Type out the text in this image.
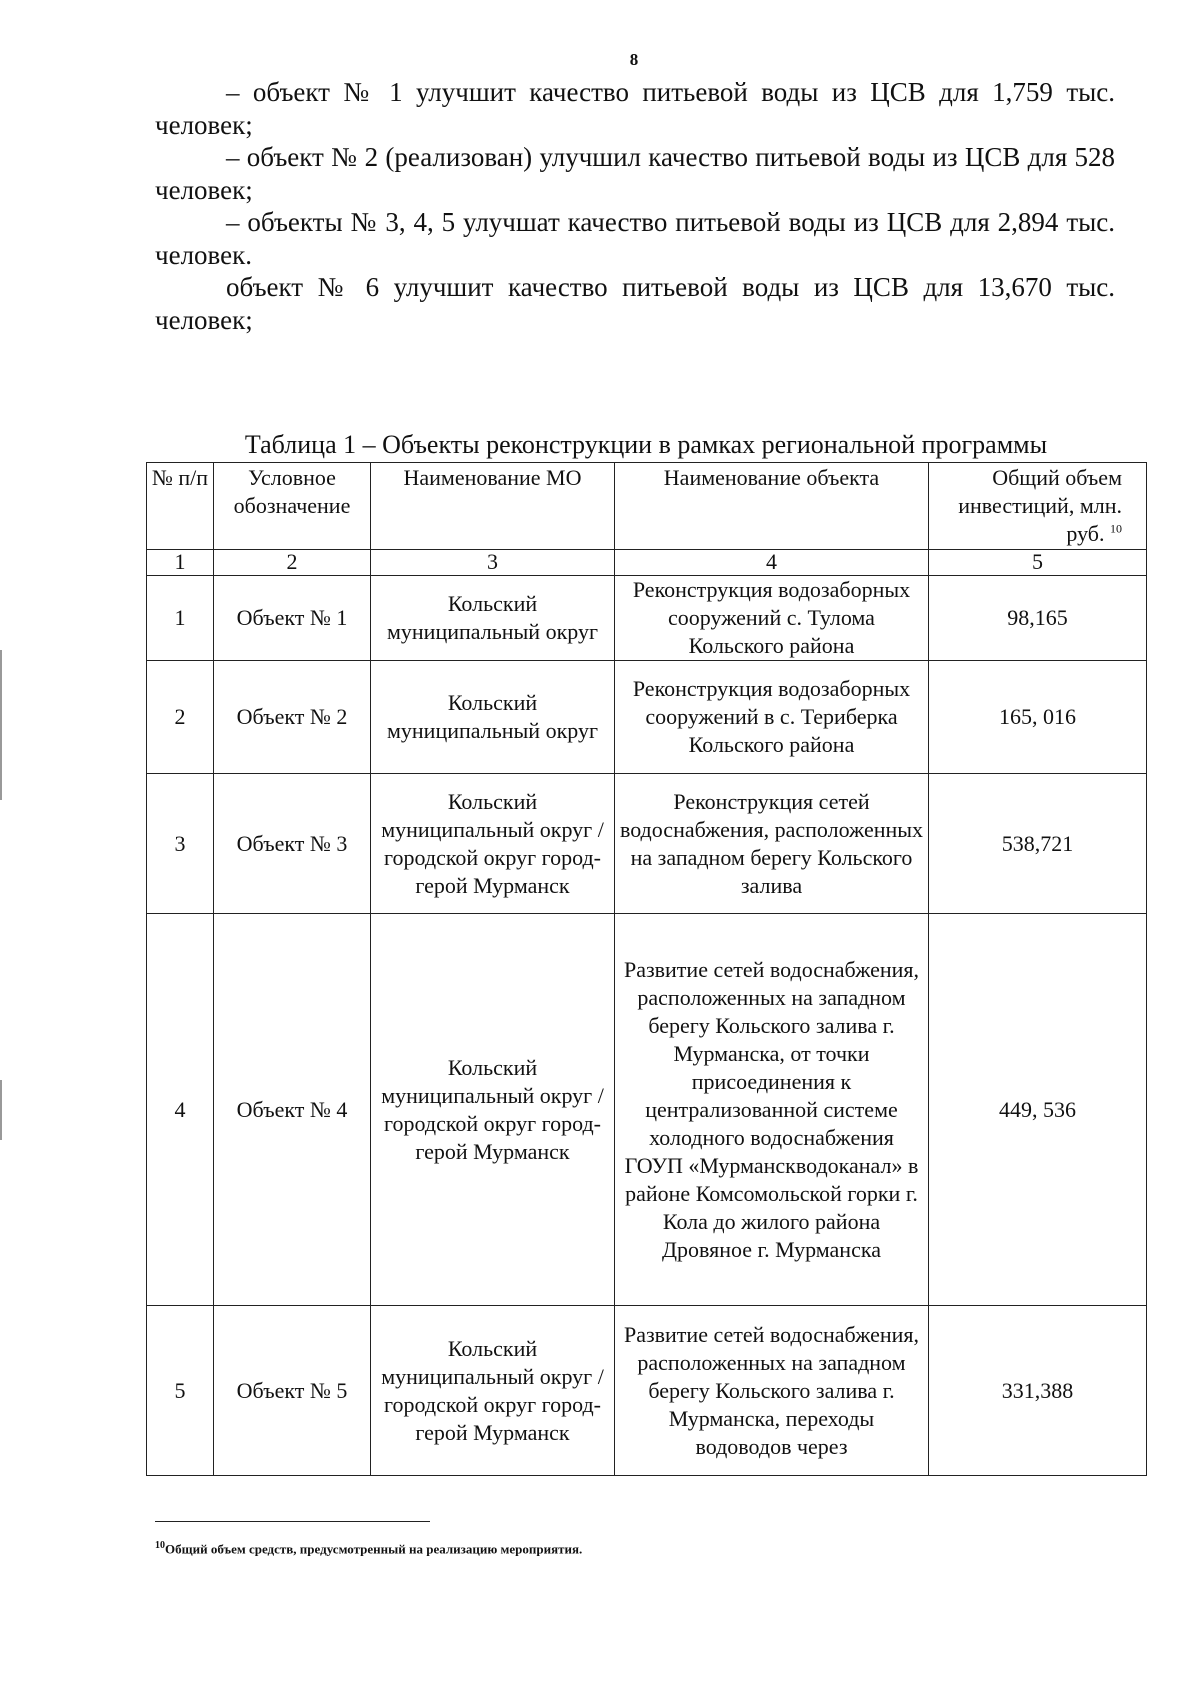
8

– объект № 1 улучшит качество питьевой воды из ЦСВ для 1,759 тыс. человек;

– объект № 2 (реализован) улучшил качество питьевой воды из ЦСВ для 528 человек;

– объекты № 3, 4, 5 улучшат качество питьевой воды из ЦСВ для 2,894 тыс. человек.

объект № 6 улучшит качество питьевой воды из ЦСВ для 13,670 тыс. человек;

Таблица 1 – Объекты реконструкции в рамках региональной программы
№ п/п	Условное обозначение	Наименование МО	Наименование объекта	Общий объем инвестиций, млн. руб. $^{10}$
1	2	3	4	5
1	Объект № 1	Кольский муниципальный округ	Реконструкция водозаборных сооружений с. Тулома Кольского района	98,165
2	Объект № 2	Кольский муниципальный округ	Реконструкция водозаборных сооружений в с. Териберка Кольского района	165, 016
3	Объект № 3	Кольский муниципальный округ /городской округ город-герой Мурманск	Реконструкция сетей водоснабжения, расположенных на западном берегу Кольского залива	538,721
4	Объект № 4	Кольский муниципальный округ / городской округ город-герой Мурманск	Развитие сетей водоснабжения, расположенных на западном берегу Кольского залива г. Мурманска, от точки присоединения к централизованной системе холодного водоснабжения ГОУП «Мурманскводоканал» в районе Комсомольской горки г. Кола до жилого района Дровяное г. Мурманска	449, 536
5	Объект № 5	Кольский муниципальный округ / городской округ город-герой Мурманск	Развитие сетей водоснабжения, расположенных на западном берегу Кольского залива г. Мурманска, переходы водоводов через	331,388
$^{10}$Общий объем средств, предусмотренный на реализацию мероприятия.
